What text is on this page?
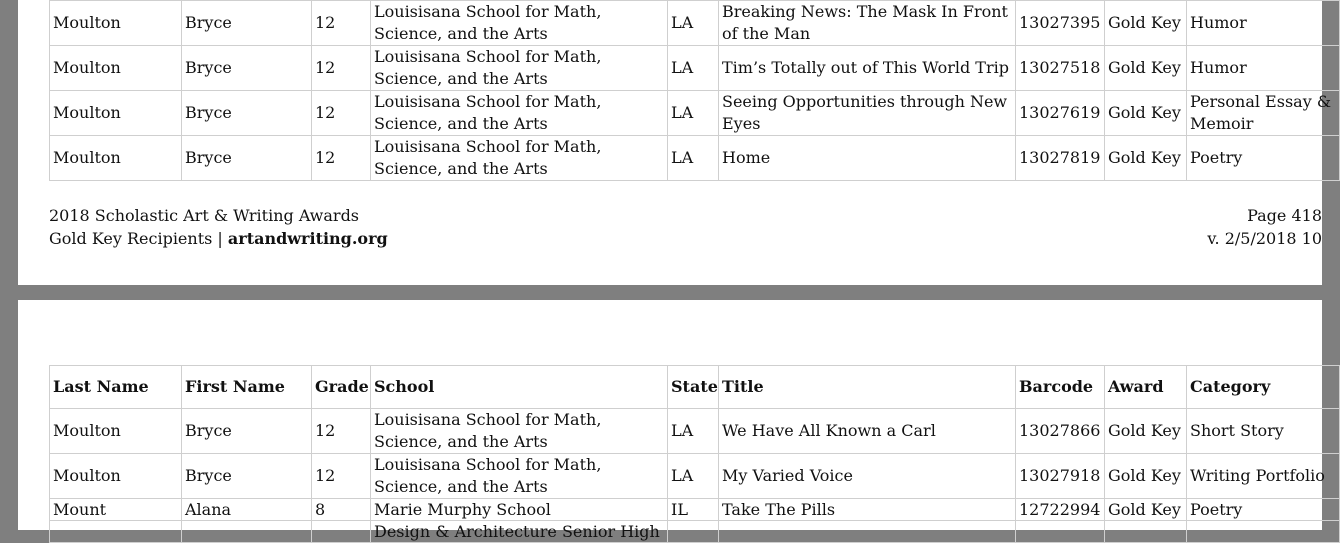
Moulton	Bryce	12	Louisisana School for Math, Science, and the Arts	LA	Breaking News: The Mask In Front of the Man	13027395	Gold Key	Humor
Moulton	Bryce	12	Louisisana School for Math, Science, and the Arts	LA	Tim’s Totally out of This World Trip	13027518	Gold Key	Humor
Moulton	Bryce	12	Louisisana School for Math, Science, and the Arts	LA	Seeing Opportunities through New Eyes	13027619	Gold Key	Personal Essay & Memoir
Moulton	Bryce	12	Louisisana School for Math, Science, and the Arts	LA	Home	13027819	Gold Key	Poetry
2018 Scholastic Art & Writing Awards
Gold Key Recipients | artandwriting.org
Page 418
v. 2/5/2018 10
Last Name	First Name	Grade	School	State	Title	Barcode	Award	Category
Moulton	Bryce	12	Louisisana School for Math, Science, and the Arts	LA	We Have All Known a Carl	13027866	Gold Key	Short Story
Moulton	Bryce	12	Louisisana School for Math, Science, and the Arts	LA	My Varied Voice	13027918	Gold Key	Writing Portfolio
Mount	Alana	8	Marie Murphy School	IL	Take The Pills	12722994	Gold Key	Poetry
			Design & Architecture Senior High					
